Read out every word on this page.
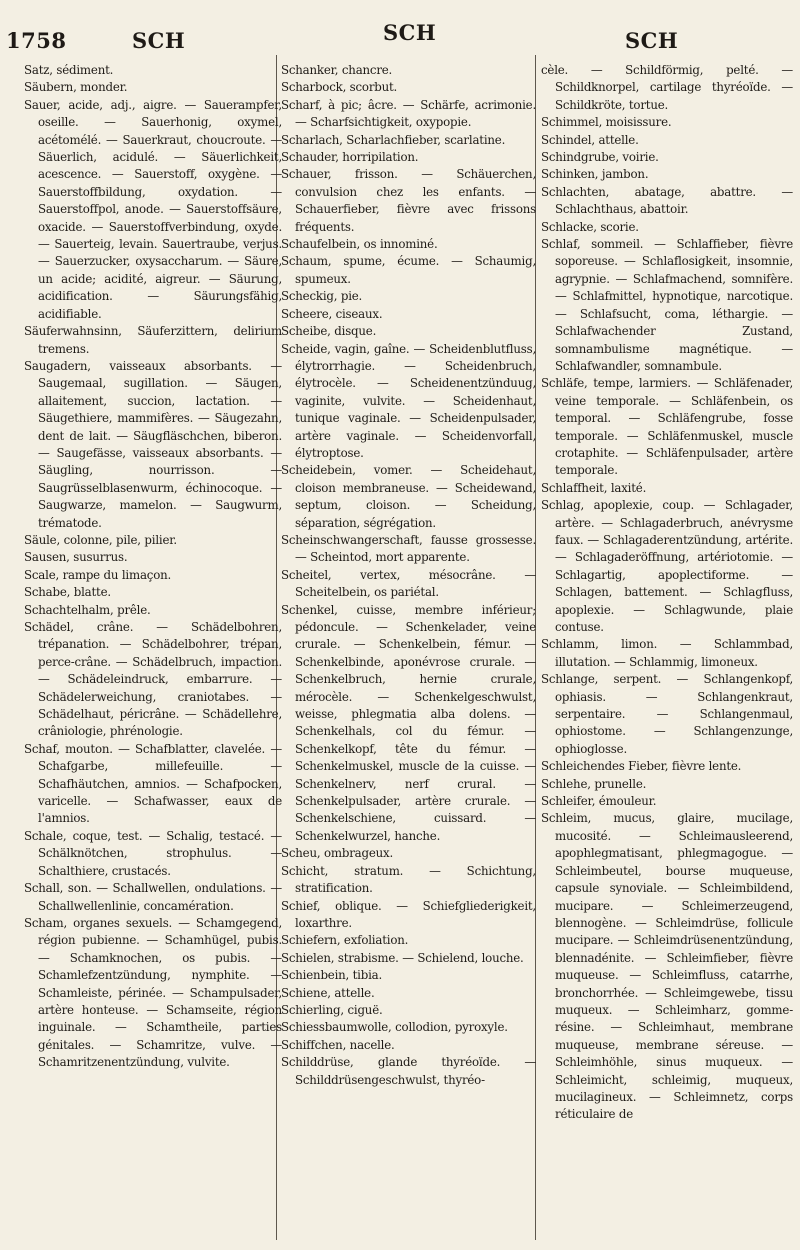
1758	SCH	SCH	SCH

Satz, sédiment.

Säubern, monder.

Sauer, acide, adj., aigre. — Sauerampfer, oseille. — Sauerhonig, oxymel, acétomélé. — Sauerkraut, choucroute. — Säuerlich, acidulé. — Säuerlichkeit, acescence. — Sauerstoff, oxygène. — Sauerstoffbildung, oxydation. — Sauerstoffpol, anode. — Sauerstoffsäure, oxacide. — Sauerstoffverbindung, oxyde. — Sauerteig, levain. Sauertraube, verjus. — Sauerzucker, oxysaccharum. — Säure, un acide; acidité, aigreur. — Säurung, acidification. — Säurungsfähig, acidifiable.

Säuferwahnsinn, Säuferzittern, delirium tremens.

Saugadern, vaisseaux absorbants. — Saugemaal, sugillation. — Säugen, allaitement, succion, lactation. — Säugethiere, mammifères. — Säugezahn, dent de lait. — Säugfläschchen, biberon. — Saugefässe, vaisseaux absorbants. — Säugling, nourrisson. — Saugrüsselblasenwurm, échinocoque. — Saugwarze, mamelon. — Saugwurm, trématode.

Säule, colonne, pile, pilier.

Sausen, susurrus.

Scale, rampe du limaçon.

Schabe, blatte.

Schachtelhalm, prêle.

Schädel, crâne. — Schädelbohren, trépanation. — Schädelbohrer, trépan, perce-crâne. — Schädelbruch, impaction. — Schädeleindruck, embarrure. — Schädelerweichung, craniotabes. — Schädelhaut, péricrâne. — Schädellehre, crâniologie, phrénologie.

Schaf, mouton. — Schafblatter, clavelée. — Schafgarbe, millefeuille. — Schafhäutchen, amnios. — Schafpocken, varicelle. — Schafwasser, eaux de l'amnios.

Schale, coque, test. — Schalig, testacé. — Schälknötchen, strophulus. — Schalthiere, crustacés.

Schall, son. — Schallwellen, ondulations. — Schallwellenlinie, concamération.

Scham, organes sexuels. — Schamgegend, région pubienne. — Schamhügel, pubis. — Schamknochen, os pubis. — Schamlefzentzündung, nymphite. — Schamleiste, périnée. — Schampulsader, artère honteuse. — Schamseite, région inguinale. — Schamtheile, parties génitales. — Schamritze, vulve. — Schamritzenentzündung, vulvite.

Schanker, chancre.

Scharbock, scorbut.

Scharf, à pic; âcre. — Schärfe, acrimonie. — Scharfsichtigkeit, oxypopie.

Scharlach, Scharlachfieber, scarlatine.

Schauder, horripilation.

Schauer, frisson. — Schäuerchen, convulsion chez les enfants. — Schauerfieber, fièvre avec frissons fréquents.

Schaufelbein, os innominé.

Schaum, spume, écume. — Schaumig, spumeux.

Scheckig, pie.

Scheere, ciseaux.

Scheibe, disque.

Scheide, vagin, gaîne. — Scheidenblutfluss, élytrorrhagie. — Scheidenbruch, élytrocèle. — Scheidenentzünduug, vaginite, vulvite. — Scheidenhaut, tunique vaginale. — Scheidenpulsader, artère vaginale. — Scheidenvorfall, élytroptose.

Scheidebein, vomer. — Scheidehaut, cloison membraneuse. — Scheidewand, septum, cloison. — Scheidung, séparation, ségrégation.

Scheinschwangerschaft, fausse grossesse. — Scheintod, mort apparente.

Scheitel, vertex, mésocrâne. — Scheitelbein, os pariétal.

Schenkel, cuisse, membre inférieur; pédoncule. — Schenkelader, veine crurale. — Schenkelbein, fémur. — Schenkelbinde, aponévrose crurale. — Schenkelbruch, hernie crurale, mérocèle. — Schenkelgeschwulst, weisse, phlegmatia alba dolens. — Schenkelhals, col du fémur. — Schenkelkopf, tête du fémur. — Schenkelmuskel, muscle de la cuisse. — Schenkelnerv, nerf crural. — Schenkelpulsader, artère crurale. — Schenkelschiene, cuissard. — Schenkelwurzel, hanche.

Scheu, ombrageux.

Schicht, stratum. — Schichtung, stratification.

Schief, oblique. — Schiefgliederigkeit, loxarthre.

Schiefern, exfoliation.

Schielen, strabisme. — Schielend, louche.

Schienbein, tibia.

Schiene, attelle.

Schierling, ciguë.

Schiessbaumwolle, collodion, pyroxyle.

Schiffchen, nacelle.

Schilddrüse, glande thyréoïde. — Schilddrüsengeschwulst, thyréo-

cèle. — Schildförmig, pelté. — Schildknorpel, cartilage thyréoïde. — Schildkröte, tortue.

Schimmel, moisissure.

Schindel, attelle.

Schindgrube, voirie.

Schinken, jambon.

Schlachten, abatage, abattre. — Schlachthaus, abattoir.

Schlacke, scorie.

Schlaf, sommeil. — Schlaffieber, fièvre soporeuse. — Schlaflosigkeit, insomnie, agrypnie. — Schlafmachend, somnifère. — Schlafmittel, hypnotique, narcotique. — Schlafsucht, coma, léthargie. — Schlafwachender Zustand, somnambulisme magnétique. — Schlafwandler, somnambule.

Schläfe, tempe, larmiers. — Schläfenader, veine temporale. — Schläfenbein, os temporal. — Schläfengrube, fosse temporale. — Schläfenmuskel, muscle crotaphite. — Schläfenpulsader, artère temporale.

Schlaffheit, laxité.

Schlag, apoplexie, coup. — Schlagader, artère. — Schlagaderbruch, anévrysme faux. — Schlagaderentzündung, artérite. — Schlagaderöffnung, artériotomie. — Schlagartig, apoplectiforme. — Schlagen, battement. — Schlagfluss, apoplexie. — Schlagwunde, plaie contuse.

Schlamm, limon. — Schlammbad, illutation. — Schlammig, limoneux.

Schlange, serpent. — Schlangenkopf, ophiasis. — Schlangenkraut, serpentaire. — Schlangenmaul, ophiostome. — Schlangenzunge, ophioglosse.

Schleichendes Fieber, fièvre lente.

Schlehe, prunelle.

Schleifer, émouleur.

Schleim, mucus, glaire, mucilage, mucosité. — Schleimausleerend, apophlegmatisant, phlegmagogue. — Schleimbeutel, bourse muqueuse, capsule synoviale. — Schleimbildend, mucipare. — Schleimerzeugend, blennogène. — Schleimdrüse, follicule mucipare. — Schleimdrüsenentzündung, blennadénite. — Schleimfieber, fièvre muqueuse. — Schleimfluss, catarrhe, bronchorrhée. — Schleimgewebe, tissu muqueux. — Schleimharz, gomme-résine. — Schleimhaut, membrane muqueuse, membrane séreuse. — Schleimhöhle, sinus muqueux. — Schleimicht, schleimig, muqueux, mucilagineux. — Schleimnetz, corps réticulaire de
